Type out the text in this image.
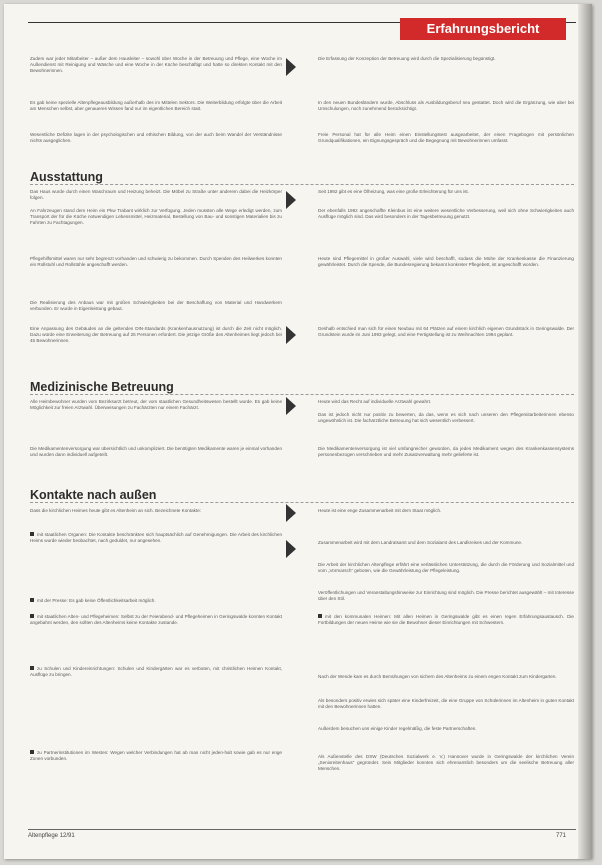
Erfahrungsbericht

Zudem war jeder Mitarbeiter – außer dem Hausleiter – sowohl über Woche in der Betreuung und Pflege, eine Woche im Außendienst mit Reinigung und Wäsche und eine Woche in der Küche beschäftigt und hatte so direkten Kontakt mit den Bewohnerinnen.

Die Erfassung der Konzeption der Betreuung wird durch die Spezialisierung begünstigt.

Es gab keine spezielle Altenpflegeausbildung außerhalb des im Mittelen Sektors. Die Weiterbildung erfolgte über die Arbeit am Menschen selbst, aber genaueres Wissen fand nur im eigentlichen Bereich statt.

In den neuen Bundesländern wurde, Abschluss als Ausbildungsberuf neu gestattet. Doch wird die Ergänzung, wie aber bei Umschulungen, noch zunehmend berücksichtigt.

Wesentliche Defizite lagen in der psychologischen und ethischen Bildung, von der auch beim Wandel der Verständnisse nichts ausgeglichen.

Freie Personal hat für alle Heim einen Einstellungstest ausgearbeitet, der einen Fragebogen mit persönlichen Grundqualifikationen, ein Eignungsgespräch und die Begegnung mit Bewohnerinnen umfasst.

Ausstattung

Das Haus wurde durch einen Waschraum und Heizung beheizt. Die Möbel zu Straße unter anderem dabei die Heizkörper folgen.

Seit 1992 gibt es eine Ölheizung, was eine große Erleichterung für uns ist.

An Fahrzeugen stand dem Heim ein Pkw Trabant wirklich zur Verfügung. Jeden mussten alle Wege erledigt werden, zum Transport der für die Küche notwendigen Lebensmittel, Heizmaterial, Bestellung von Bau- und sonstigen Materialien bis zu Fahrten zu Fachtagungen.

Der ebenfalls 1992 angeschaffte Kleinbus ist eine weitere wesentliche Verbesserung, weil sich ohne Schwierigkeiten auch Ausflüge möglich sind. Das wird besonders in der Tagesbetreuung genutzt.

Pflegehilfsmittel waren nur sehr begrenzt vorhanden und schwierig zu bekommen. Durch Spenden des Heilwerkes konnten ein Rollstuhl und Rollstühle angeschafft werden.

Heute sind Pflegemittel in großer Auswahl, viele wird beschafft, sodass die Mühe der Krankenkasse die Finanzierung gewährleistet. Durch die Spende, die Bundesregierung bekannt konkreter Pflegebett, ist angeschafft worden.

Die Realisierung des Anbaus war mit großen Schwierigkeiten bei der Beschaffung von Material und Handwerkern verbunden. Er wurde in Eigenleistung gebaut.

Eine Anpassung des Gebäudes an die geltenden DIN-Standards (Krankenhausnutzung) ist durch die Zeit nicht möglich. Dazu würde eine Erweiterung der Betreuung auf 25 Personen erfordert. Die jetzige Größe des Altenheimes liegt jedoch bei 45 Bewohnerinnen.

Deshalb entschied man sich für einen Neubau mit 64 Plätzen auf einem kirchlich eigenen Grundstück in Geringswalde. Der Grundstein wurde im Juni 1993 gelegt, und eine Fertigstellung ist zu Weihnachten 1994 geplant.

Medizinische Betreuung

Alle Heimbewohner wurden vom Bezirksarzt betreut, der vom staatlichen Gesundheitswesen bestellt wurde. Es gab keine Möglichkeit zur freien Arztwahl. Überweisungen zu Fachärzten nur einem Fachärzt.

Heute wird das Recht auf individuelle Arztwahl gewahrt.

Das ist jedoch nicht nur positiv zu bewerten, da das, wenn es sich nach unseren den Pflegemitarbeiterinnen ebenso ungewöhnlich ist. Die fachärztliche Betreuung hat sich wesentlich verbessert.

Die Medikamentenversorgung war übersichtlich und unkompliziert. Die benötigten Medikamente waren je einmal vorhanden und wurden dann individuell aufgeteilt.

Die Medikamentenversorgung ist viel umfangreicher geworden, da jedes Medikament wegen des Krankenkassensystems personenbezogen verschrieben und mehr Zusatzverwaltung mehr gelieferte ist.

Kontakte nach außen

Dass die kirchlichen Heimes heute gibt es Altenheim an sich. Bezeichnete Kontakte:	Heute ist eine enge Zusammenarbeit mit dem Staat möglich.

mit staatlichen Organen: Die Kontakte beschränkten sich hauptsächlich auf Genehmigungen. Die Arbeit des kirchlichen Heims wurde wieder beobachtet, nach geduldet, nur angesehen.	Zusammenarbeit wird mit dem Landratsamt und dem Sozialamt des Landkreises und der Kommune.

Die Arbeit der kirchlichen Altenpflege erfährt eine verlässlichen Unterstützung, die durch die Förderung und Sozialmittel und vom „Vormarsch“ geboten, wie die Gewährleistung der Pflegeleistung.

mit der Presse: Es gab keine Öffentlichkeitsarbeit möglich.

Veröffentlichungen und Veranstaltungshinweise zur Einrichtung sind möglich. Die Presse berichtet ausgewählt – mit Interesse über den Stil.

mit staatlichen Alten- und Pflegeheimen: Selbst zu der Feierabend- und Pflegeheimen in Geringswalde konnten Kontakt angebahnt werden, den sollten des Altenheims keine Kontakte zustande.

mit den kommunalen Heimen: Mit allen Heimen in Geringswalde gibt es einen regen Erfahrungsaustausch. Die Fortbildungen der neuen Heime wie sie die Bewohner dieser Einrichtungen mit Schwestern.

zu Schulen und Kindereinrichtungen: Schulen und Kindergärten war es verboten, mit christlichen Heimen Kontakt, Ausflüge zu bringen.	Nach der Wende kam es durch Bemühungen von sichern des Altenheims zu einem engen Kontakt zum Kindergarten.

Als besonders positiv erwies sich später eine Kinderfreizeit, die eine Gruppe von Schülerinnen im Altenheim in guten Kontakt mit den Bewohnerinnen hatten.

Außerdem besuchen uns einige Kinder regelmäßig, die feste Partnerschaften.

zu Partnerinstitutionen im Westen: Wegen welcher Verbindungen hat ab man nicht jeden-halt sowie gab es nur enge Zonen vorbunden.	Als Außenstelle des DSW (Deutsches Sozialwerk e. V.) Hannover wurde in Geringswalde der kirchlichen Verein „Senioreitenhaus“ gegründet. Sein Mitglieder konnten sich ehrenamtlich besonders um die seelische Betreuung aller Menschen.

Altenpflege 12/91	771
